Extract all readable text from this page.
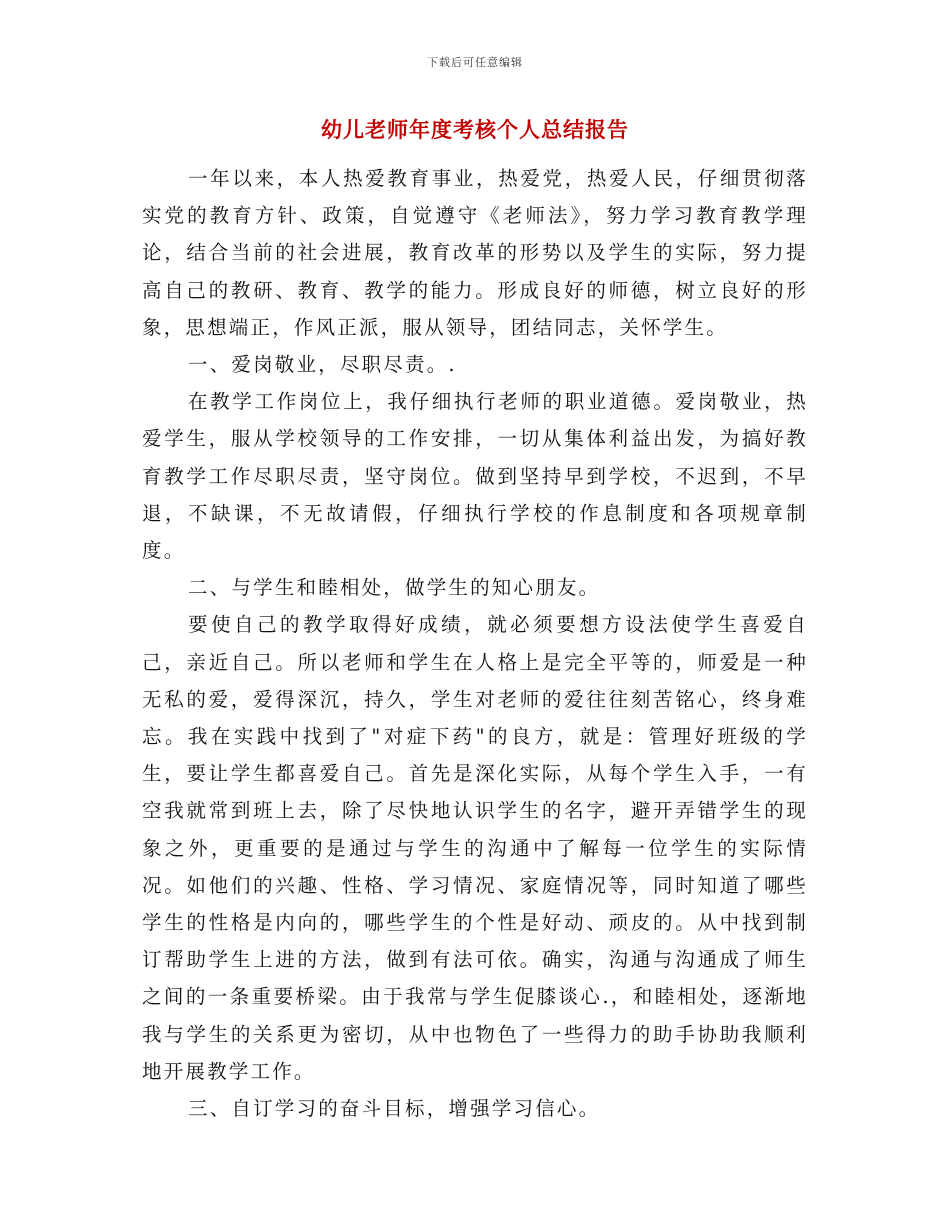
下载后可任意编辑
幼儿老师年度考核个人总结报告

一年以来，本人热爱教育事业，热爱党，热爱人民，仔细贯彻落实党的教育方针、政策，自觉遵守《老师法》，努力学习教育教学理论，结合当前的社会进展，教育改革的形势以及学生的实际，努力提高自己的教研、教育、教学的能力。形成良好的师德，树立良好的形象，思想端正，作风正派，服从领导，团结同志，关怀学生。

一、爱岗敬业，尽职尽责。.

在教学工作岗位上，我仔细执行老师的职业道德。爱岗敬业，热爱学生，服从学校领导的工作安排，一切从集体利益出发，为搞好教育教学工作尽职尽责，坚守岗位。做到坚持早到学校，不迟到，不早退，不缺课，不无故请假，仔细执行学校的作息制度和各项规章制度。

二、与学生和睦相处，做学生的知心朋友。

要使自己的教学取得好成绩，就必须要想方设法使学生喜爱自己，亲近自己。所以老师和学生在人格上是完全平等的，师爱是一种无私的爱，爱得深沉，持久，学生对老师的爱往往刻苦铭心，终身难忘。我在实践中找到了"对症下药"的良方，就是：管理好班级的学生，要让学生都喜爱自己。首先是深化实际，从每个学生入手，一有空我就常到班上去，除了尽快地认识学生的名字，避开弄错学生的现象之外，更重要的是通过与学生的沟通中了解每一位学生的实际情况。如他们的兴趣、性格、学习情况、家庭情况等，同时知道了哪些学生的性格是内向的，哪些学生的个性是好动、顽皮的。从中找到制订帮助学生上进的方法，做到有法可依。确实，沟通与沟通成了师生之间的一条重要桥梁。由于我常与学生促膝谈心.，和睦相处，逐渐地我与学生的关系更为密切，从中也物色了一些得力的助手协助我顺利地开展教学工作。

三、自订学习的奋斗目标，增强学习信心。
